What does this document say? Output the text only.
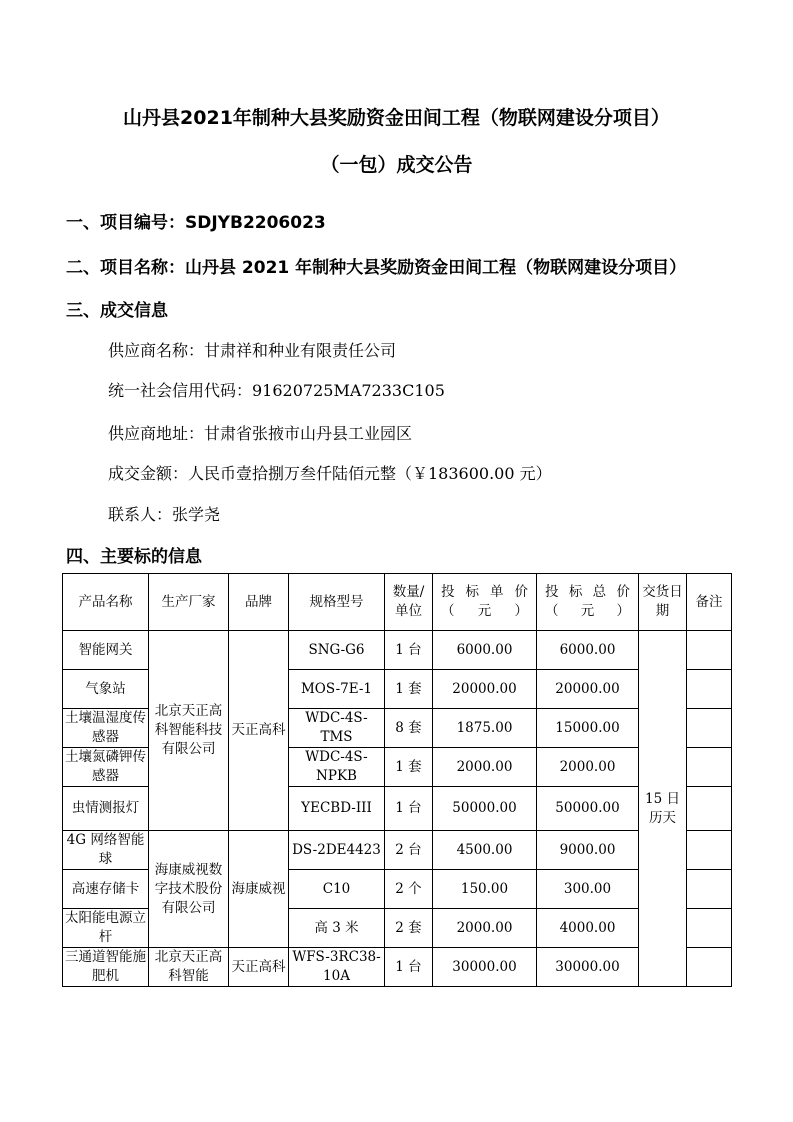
山丹县2021年制种大县奖励资金田间工程（物联网建设分项目）
（一包）成交公告
一、项目编号：SDJYB2206023
二、项目名称：山丹县 2021 年制种大县奖励资金田间工程（物联网建设分项目）
三、成交信息
供应商名称：甘肃祥和种业有限责任公司
统一社会信用代码：91620725MA7233C105
供应商地址：甘肃省张掖市山丹县工业园区
成交金额：人民币壹拾捌万叁仟陆佰元整（￥183600.00 元）
联系人：张学尧
四、主要标的信息
产品名称	生产厂家	品牌	规格型号	数量/单位	投标单价（元）	投标总价（元）	交货日期	备注
智能网关	北京天正高科智能科技有限公司	天正高科	SNG-G6	1 台	6000.00	6000.00	15 日历天	
气象站			MOS-7E-1	1 套	20000.00	20000.00		
土壤温湿度传感器			WDC-4S-TMS	8 套	1875.00	15000.00		
土壤氮磷钾传感器			WDC-4S-NPKB	1 套	2000.00	2000.00		
虫情测报灯			YECBD-III	1 台	50000.00	50000.00		
4G 网络智能球	海康威视数字技术股份有限公司	海康威视	DS-2DE4423	2 台	4500.00	9000.00		
高速存储卡			C10	2 个	150.00	300.00		
太阳能电源立杆			高 3 米	2 套	2000.00	4000.00		
三通道智能施肥机	北京天正高科智能	天正高科	WFS-3RC38-10A	1 台	30000.00	30000.00		
